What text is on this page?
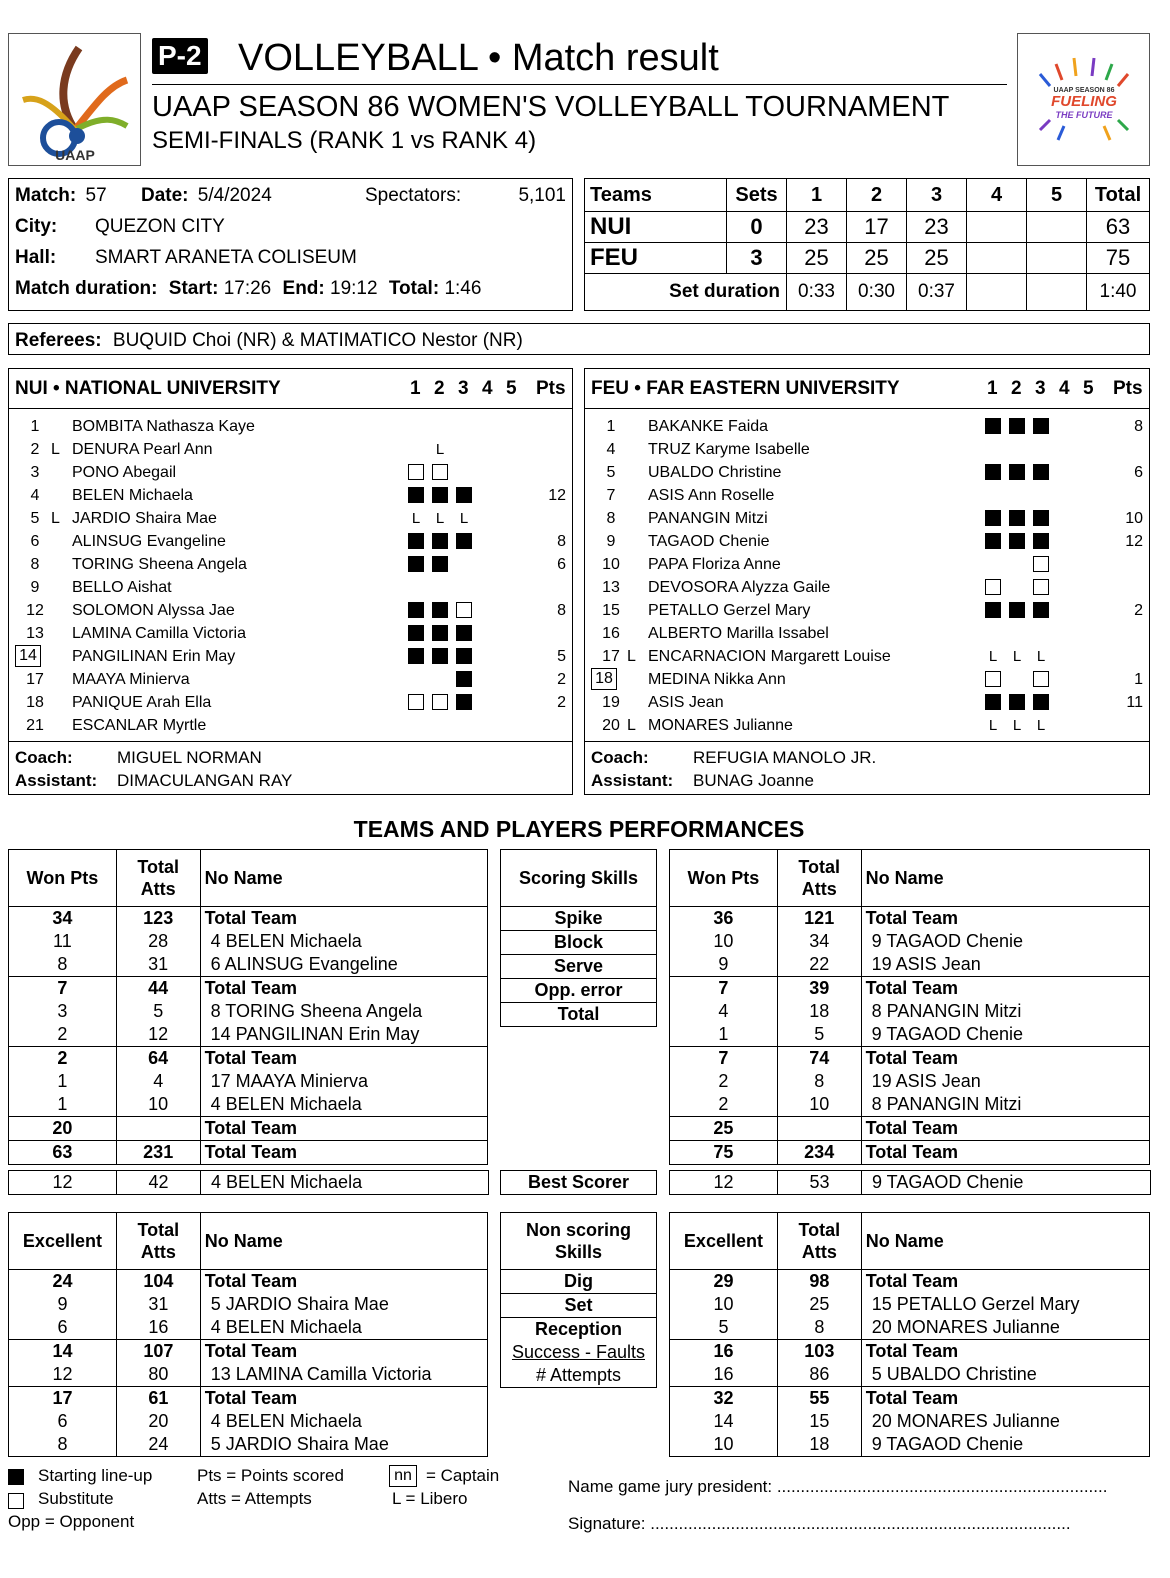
UAAP
P-2 VOLLEYBALL • Match result
UAAP SEASON 86 WOMEN'S VOLLEYBALL TOURNAMENT
SEMI-FINALS (RANK 1 vs RANK 4)
UAAP SEASON 86
FUELING
THE FUTURE
Match: 57 Date: 5/4/2024	Spectators:	5,101
City: QUEZON CITY
Hall: SMART ARANETA COLISEUM
Match duration: Start: 17:26 End: 19:12 Total: 1:46
Teams	Sets	1	2	3	4	5	Total
NUI	0	23	17	23			63
FEU	3	25	25	25			75
Set duration		0:33	0:30	0:37			1:40
Referees: BUQUID Choi (NR) & MATIMATICO Nestor (NR)
NUI • NATIONAL UNIVERSITY	1 2 3 4 5 Pts
1	BOMBITA Nathasza Kaye
2 L DENURA Pearl Ann	L
3	PONO Abegail
4	BELEN Michaela	12
5 L JARDIO Shaira Mae	L L L
6	ALINSUG Evangeline	8
8	TORING Sheena Angela	6
9	BELLO Aishat
12 SOLOMON Alyssa Jae	8
13 LAMINA Camilla Victoria
14 PANGILINAN Erin May	5
17 MAAYA Minierva	2
18 PANIQUE Arah Ella	2
21 ESCANLAR Myrtle
Coach:	MIGUEL NORMAN
Assistant: DIMACULANGAN RAY
FEU • FAR EASTERN UNIVERSITY	1 2 3 4 5 Pts
1	BAKANKE Faida	8
4	TRUZ Karyme Isabelle
5	UBALDO Christine	6
7	ASIS Ann Roselle
8	PANANGIN Mitzi	10
9	TAGAOD Chenie	12
10 PAPA Floriza Anne
13 DEVOSORA Alyzza Gaile
15 PETALLO Gerzel Mary	2
16 ALBERTO Marilla Issabel
17 L ENCARNACION Margarett Louise	L L L
18 MEDINA Nikka Ann	1
19 ASIS Jean	11
20 L MONARES Julianne	L L L
Coach:	REFUGIA MANOLO JR.
Assistant: BUNAG Joanne
TEAMS AND PLAYERS PERFORMANCES
Starting line-up
Substitute
Opp = Opponent
Pts = Points scored
Atts = Attempts
nn = Captain
L = Libero
Name game jury president: ......................................................................
Signature: .........................................................................................
Won Pts	Total Atts	No Name
34	123	Total Team
11	28	4 BELEN Michaela
8	31	6 ALINSUG Evangeline
7	44	Total Team
3	5	8 TORING Sheena Angela
2	12	14 PANGILINAN Erin May
2	64	Total Team
1	4	17 MAAYA Minierva
1	10	4 BELEN Michaela
20		Total Team
63	231	Total Team
Scoring Skills
Spike

Block

Serve

Opp. error
Total
Won Pts	Total Atts	No Name
36	121	Total Team
10	34	9 TAGAOD Chenie
9	22	19 ASIS Jean
7	39	Total Team
4	18	8 PANANGIN Mitzi
1	5	9 TAGAOD Chenie
7	74	Total Team
2	8	19 ASIS Jean
2	10	8 PANANGIN Mitzi
25		Total Team
75	234	Total Team
12	42	4 BELEN Michaela	12	53	9 TAGAOD Chenie
Best Scorer
Excellent	Total Atts	No Name
24	104	Total Team
9	31	5 JARDIO Shaira Mae
6	16	4 BELEN Michaela
14	107	Total Team
12	80	13 LAMINA Camilla Victoria
17	61	Total Team
6	20	4 BELEN Michaela
8	24	5 JARDIO Shaira Mae
Non scoring Skills
Dig

Set

Reception
Success - Faults
# Attempts
Excellent	Total Atts	No Name
29	98	Total Team
10	25	15 PETALLO Gerzel Mary
5	8	20 MONARES Julianne
16	103	Total Team
16	86	5 UBALDO Christine
32	55	Total Team
14	15	20 MONARES Julianne
10	18	9 TAGAOD Chenie
